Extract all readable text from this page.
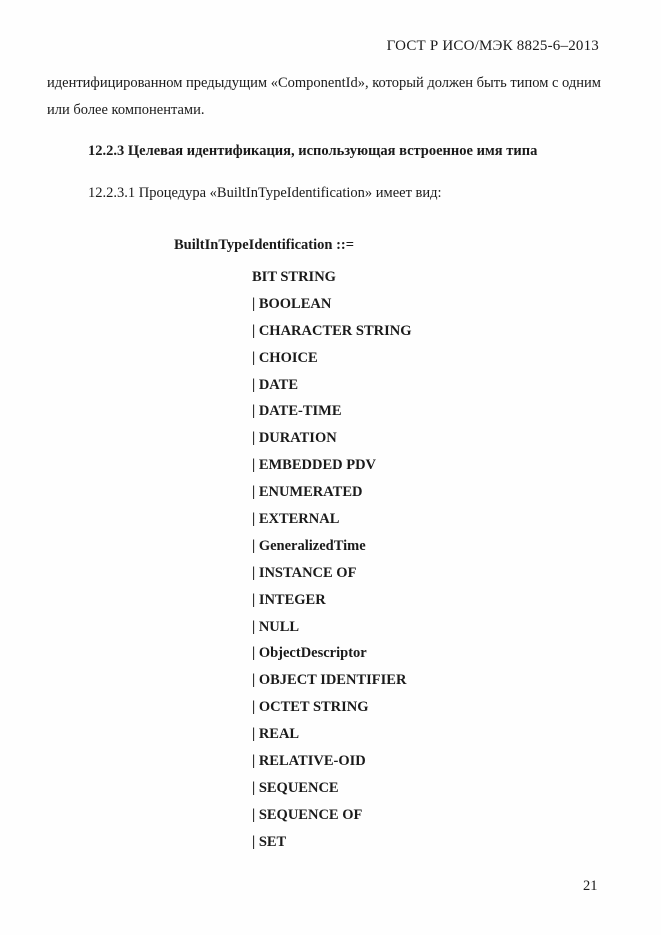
ГОСТ Р ИСО/МЭК 8825-6–2013
идентифицированном предыдущим «ComponentId», который должен быть типом с одним или более компонентами.
12.2.3 Целевая идентификация, использующая встроенное имя типа
12.2.3.1 Процедура «BuiltInTypeIdentification» имеет вид:
BuiltInTypeIdentification ::=
BIT STRING
| BOOLEAN
| CHARACTER STRING
| CHOICE
| DATE
| DATE-TIME
| DURATION
| EMBEDDED PDV
| ENUMERATED
| EXTERNAL
| GeneralizedTime
| INSTANCE OF
| INTEGER
| NULL
| ObjectDescriptor
| OBJECT IDENTIFIER
| OCTET STRING
| REAL
| RELATIVE-OID
| SEQUENCE
| SEQUENCE OF
| SET
21
